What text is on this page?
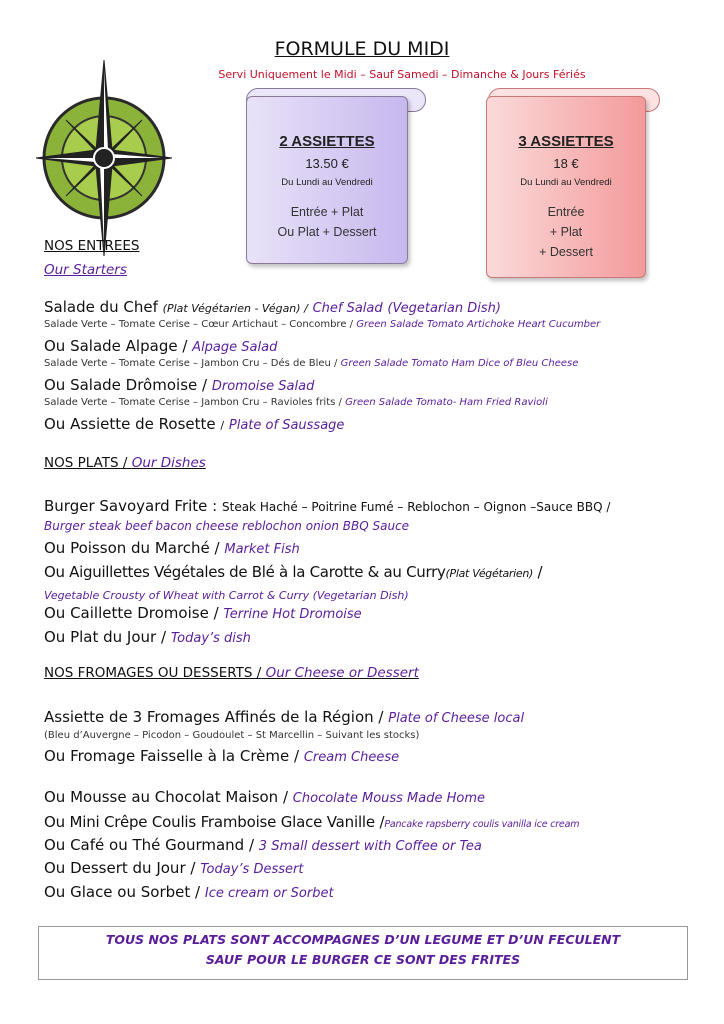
FORMULE DU MIDI
Servi Uniquement le Midi – Sauf Samedi – Dimanche & Jours Fériés
2 ASSIETTES
13.50 €
Du Lundi au Vendredi
Entrée + Plat
Ou Plat + Dessert
3 ASSIETTES
18 €
Du Lundi au Vendredi
Entrée
+ Plat
+ Dessert
NOS ENTREES
Our Starters
Salade du Chef (Plat Végétarien - Végan) / Chef Salad (Vegetarian Dish)
Salade Verte – Tomate Cerise – Cœur Artichaut – Concombre / Green Salade Tomato Artichoke Heart Cucumber
Ou Salade Alpage / Alpage Salad
Salade Verte – Tomate Cerise – Jambon Cru – Dés de Bleu / Green Salade Tomato Ham Dice of Bleu Cheese
Ou Salade Drômoise / Dromoise Salad
Salade Verte – Tomate Cerise – Jambon Cru – Ravioles frits / Green Salade Tomato- Ham Fried Ravioli
Ou Assiette de Rosette / Plate of Saussage
NOS PLATS / Our Dishes
Burger Savoyard Frite : Steak Haché – Poitrine Fumé – Reblochon – Oignon –Sauce BBQ /
Burger steak beef bacon cheese reblochon onion BBQ Sauce
Ou Poisson du Marché / Market Fish
Ou Aiguillettes Végétales de Blé à la Carotte & au Curry(Plat Végétarien) /
Vegetable Crousty of Wheat with Carrot & Curry (Vegetarian Dish)
Ou Caillette Dromoise / Terrine Hot Dromoise
Ou Plat du Jour / Today’s dish
NOS FROMAGES OU DESSERTS / Our Cheese or Dessert
Assiette de 3 Fromages Affinés de la Région / Plate of Cheese local
(Bleu d’Auvergne – Picodon – Goudoulet – St Marcellin – Suivant les stocks)
Ou Fromage Faisselle à la Crème / Cream Cheese
Ou Mousse au Chocolat Maison / Chocolate Mouss Made Home
Ou Mini Crêpe Coulis Framboise Glace Vanille /Pancake rapsberry coulis vanilla ice cream
Ou Café ou Thé Gourmand / 3 Small dessert with Coffee or Tea
Ou Dessert du Jour / Today’s Dessert
Ou Glace ou Sorbet / Ice cream or Sorbet
TOUS NOS PLATS SONT ACCOMPAGNES D’UN LEGUME ET D’UN FECULENT
SAUF POUR LE BURGER CE SONT DES FRITES
